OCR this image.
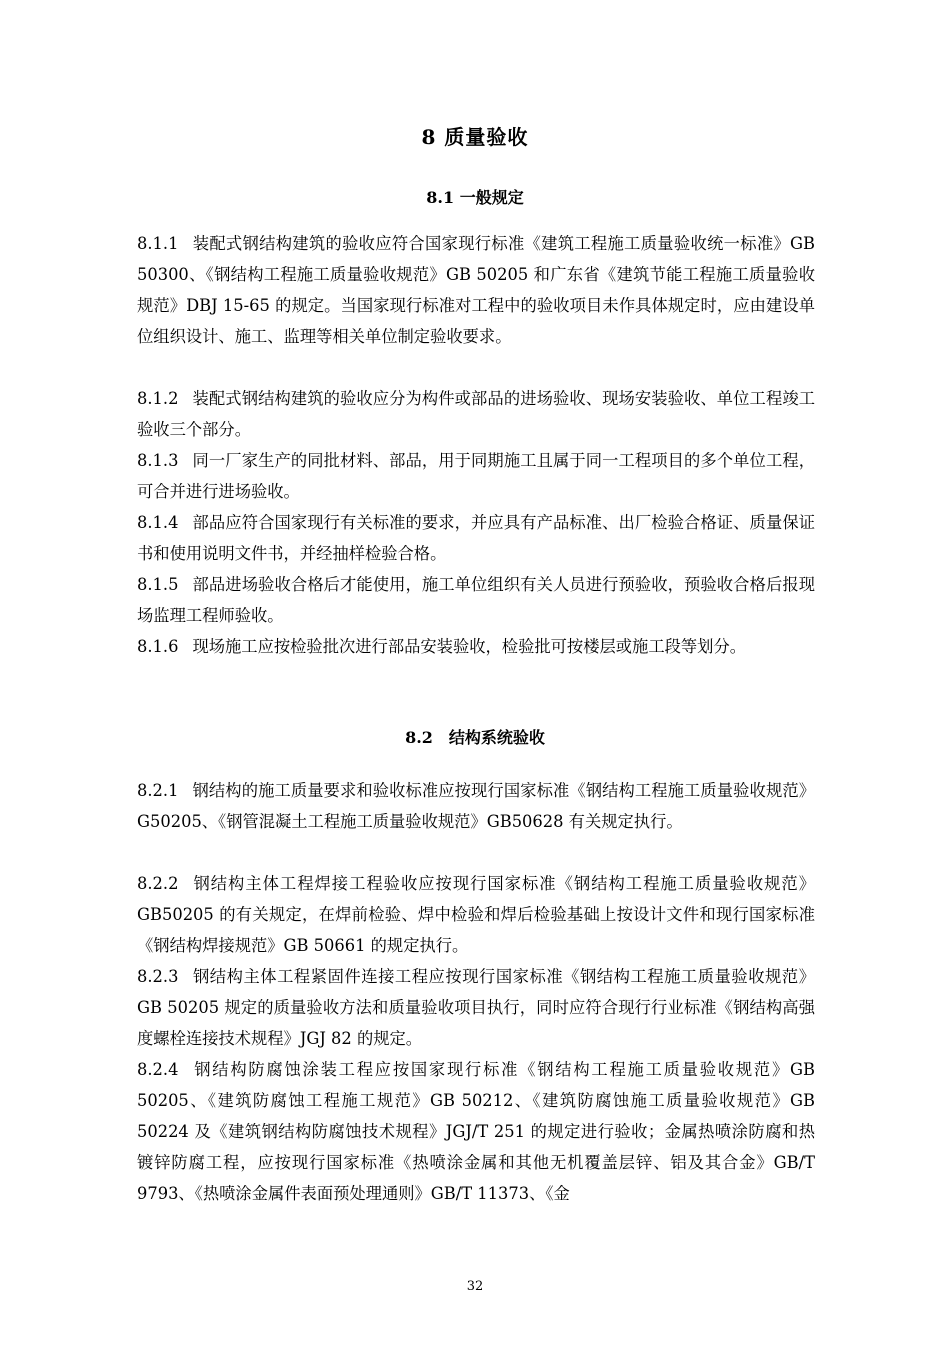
8 质量验收
8.1 一般规定

8.1.1 装配式钢结构建筑的验收应符合国家现行标准《建筑工程施工质量验收统一标准》GB 50300、《钢结构工程施工质量验收规范》GB 50205 和广东省《建筑节能工程施工质量验收规范》DBJ 15-65 的规定。当国家现行标准对工程中的验收项目未作具体规定时，应由建设单位组织设计、施工、监理等相关单位制定验收要求。

8.1.2 装配式钢结构建筑的验收应分为构件或部品的进场验收、现场安装验收、单位工程竣工验收三个部分。

8.1.3 同一厂家生产的同批材料、部品，用于同期施工且属于同一工程项目的多个单位工程，可合并进行进场验收。

8.1.4 部品应符合国家现行有关标准的要求，并应具有产品标准、出厂检验合格证、质量保证书和使用说明文件书，并经抽样检验合格。

8.1.5 部品进场验收合格后才能使用，施工单位组织有关人员进行预验收，预验收合格后报现场监理工程师验收。

8.1.6 现场施工应按检验批次进行部品安装验收，检验批可按楼层或施工段等划分。

8.2　结构系统验收

8.2.1 钢结构的施工质量要求和验收标准应按现行国家标准《钢结构工程施工质量验收规范》G50205、《钢管混凝土工程施工质量验收规范》GB50628 有关规定执行。

8.2.2 钢结构主体工程焊接工程验收应按现行国家标准《钢结构工程施工质量验收规范》 GB50205 的有关规定，在焊前检验、焊中检验和焊后检验基础上按设计文件和现行国家标准《钢结构焊接规范》GB 50661 的规定执行。

8.2.3 钢结构主体工程紧固件连接工程应按现行国家标准《钢结构工程施工质量验收规范》 GB 50205 规定的质量验收方法和质量验收项目执行，同时应符合现行行业标准《钢结构高强度螺栓连接技术规程》JGJ 82 的规定。

8.2.4 钢结构防腐蚀涂装工程应按国家现行标准《钢结构工程施工质量验收规范》GB 50205、《建筑防腐蚀工程施工规范》GB 50212、《建筑防腐蚀施工质量验收规范》GB 50224 及《建筑钢结构防腐蚀技术规程》JGJ/T 251 的规定进行验收；金属热喷涂防腐和热镀锌防腐工程，应按现行国家标准《热喷涂金属和其他无机覆盖层锌、铝及其合金》GB/T 9793、《热喷涂金属件表面预处理通则》GB/T 11373、《金

32
